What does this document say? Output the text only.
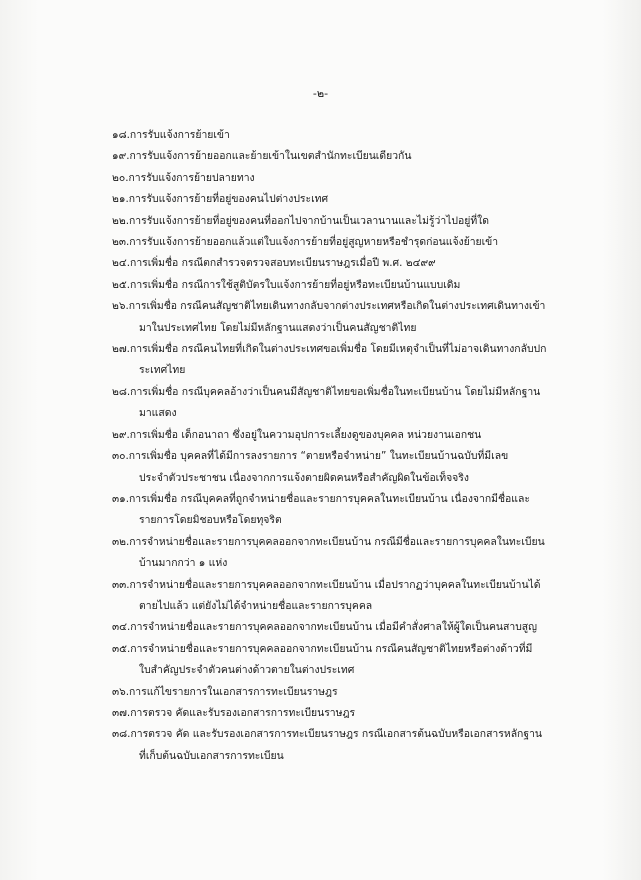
-๒-
๑๘. การรับแจ้งการย้ายเข้า
๑๙. การรับแจ้งการย้ายออกและย้ายเข้าในเขตสำนักทะเบียนเดียวกัน
๒๐. การรับแจ้งการย้ายปลายทาง
๒๑. การรับแจ้งการย้ายที่อยู่ของคนไปต่างประเทศ
๒๒. การรับแจ้งการย้ายที่อยู่ของคนที่ออกไปจากบ้านเป็นเวลานานและไม่รู้ว่าไปอยู่ที่ใด
๒๓. การรับแจ้งการย้ายออกแล้วแต่ใบแจ้งการย้ายที่อยู่สูญหายหรือชำรุดก่อนแจ้งย้ายเข้า
๒๔. การเพิ่มชื่อ กรณีตกสำรวจตรวจสอบทะเบียนราษฎรเมื่อปี พ.ศ. ๒๔๙๙
๒๕. การเพิ่มชื่อ กรณีการใช้สูติบัตรใบแจ้งการย้ายที่อยู่หรือทะเบียนบ้านแบบเดิม
๒๖. การเพิ่มชื่อ กรณีคนสัญชาติไทยเดินทางกลับจากต่างประเทศหรือเกิดในต่างประเทศเดินทางเข้า
มาในประเทศไทย โดยไม่มีหลักฐานแสดงว่าเป็นคนสัญชาติไทย
๒๗. การเพิ่มชื่อ กรณีคนไทยที่เกิดในต่างประเทศขอเพิ่มชื่อ โดยมีเหตุจำเป็นที่ไม่อาจเดินทางกลับปก
ระเทศไทย
๒๘. การเพิ่มชื่อ กรณีบุคคลอ้างว่าเป็นคนมีสัญชาติไทยขอเพิ่มชื่อในทะเบียนบ้าน โดยไม่มีหลักฐาน
มาแสดง
๒๙. การเพิ่มชื่อ เด็กอนาถา ซึ่งอยู่ในความอุปการะเลี้ยงดูของบุคคล หน่วยงานเอกชน
๓๐. การเพิ่มชื่อ บุคคลที่ได้มีการลงรายการ “ตายหรือจำหน่าย” ในทะเบียนบ้านฉบับที่มีเลข
ประจำตัวประชาชน เนื่องจากการแจ้งตายผิดคนหรือสำคัญผิดในข้อเท็จจริง
๓๑. การเพิ่มชื่อ กรณีบุคคลที่ถูกจำหน่ายชื่อและรายการบุคคลในทะเบียนบ้าน เนื่องจากมีชื่อและ
รายการโดยมิชอบหรือโดยทุจริต
๓๒. การจำหน่ายชื่อและรายการบุคคลออกจากทะเบียนบ้าน กรณีมีชื่อและรายการบุคคลในทะเบียน
บ้านมากกว่า ๑ แห่ง
๓๓. การจำหน่ายชื่อและรายการบุคคลออกจากทะเบียนบ้าน เมื่อปรากฏว่าบุคคลในทะเบียนบ้านได้
ตายไปแล้ว แต่ยังไม่ได้จำหน่ายชื่อและรายการบุคคล
๓๔. การจำหน่ายชื่อและรายการบุคคลออกจากทะเบียนบ้าน เมื่อมีคำสั่งศาลให้ผู้ใดเป็นคนสาบสูญ
๓๕. การจำหน่ายชื่อและรายการบุคคลออกจากทะเบียนบ้าน กรณีคนสัญชาติไทยหรือต่างด้าวที่มี
ใบสำคัญประจำตัวคนต่างด้าวตายในต่างประเทศ
๓๖. การแก้ไขรายการในเอกสารการทะเบียนราษฎร
๓๗. การตรวจ คัดและรับรองเอกสารการทะเบียนราษฎร
๓๘. การตรวจ คัด และรับรองเอกสารการทะเบียนราษฎร กรณีเอกสารต้นฉบับหรือเอกสารหลักฐาน
ที่เก็บต้นฉบับเอกสารการทะเบียน
